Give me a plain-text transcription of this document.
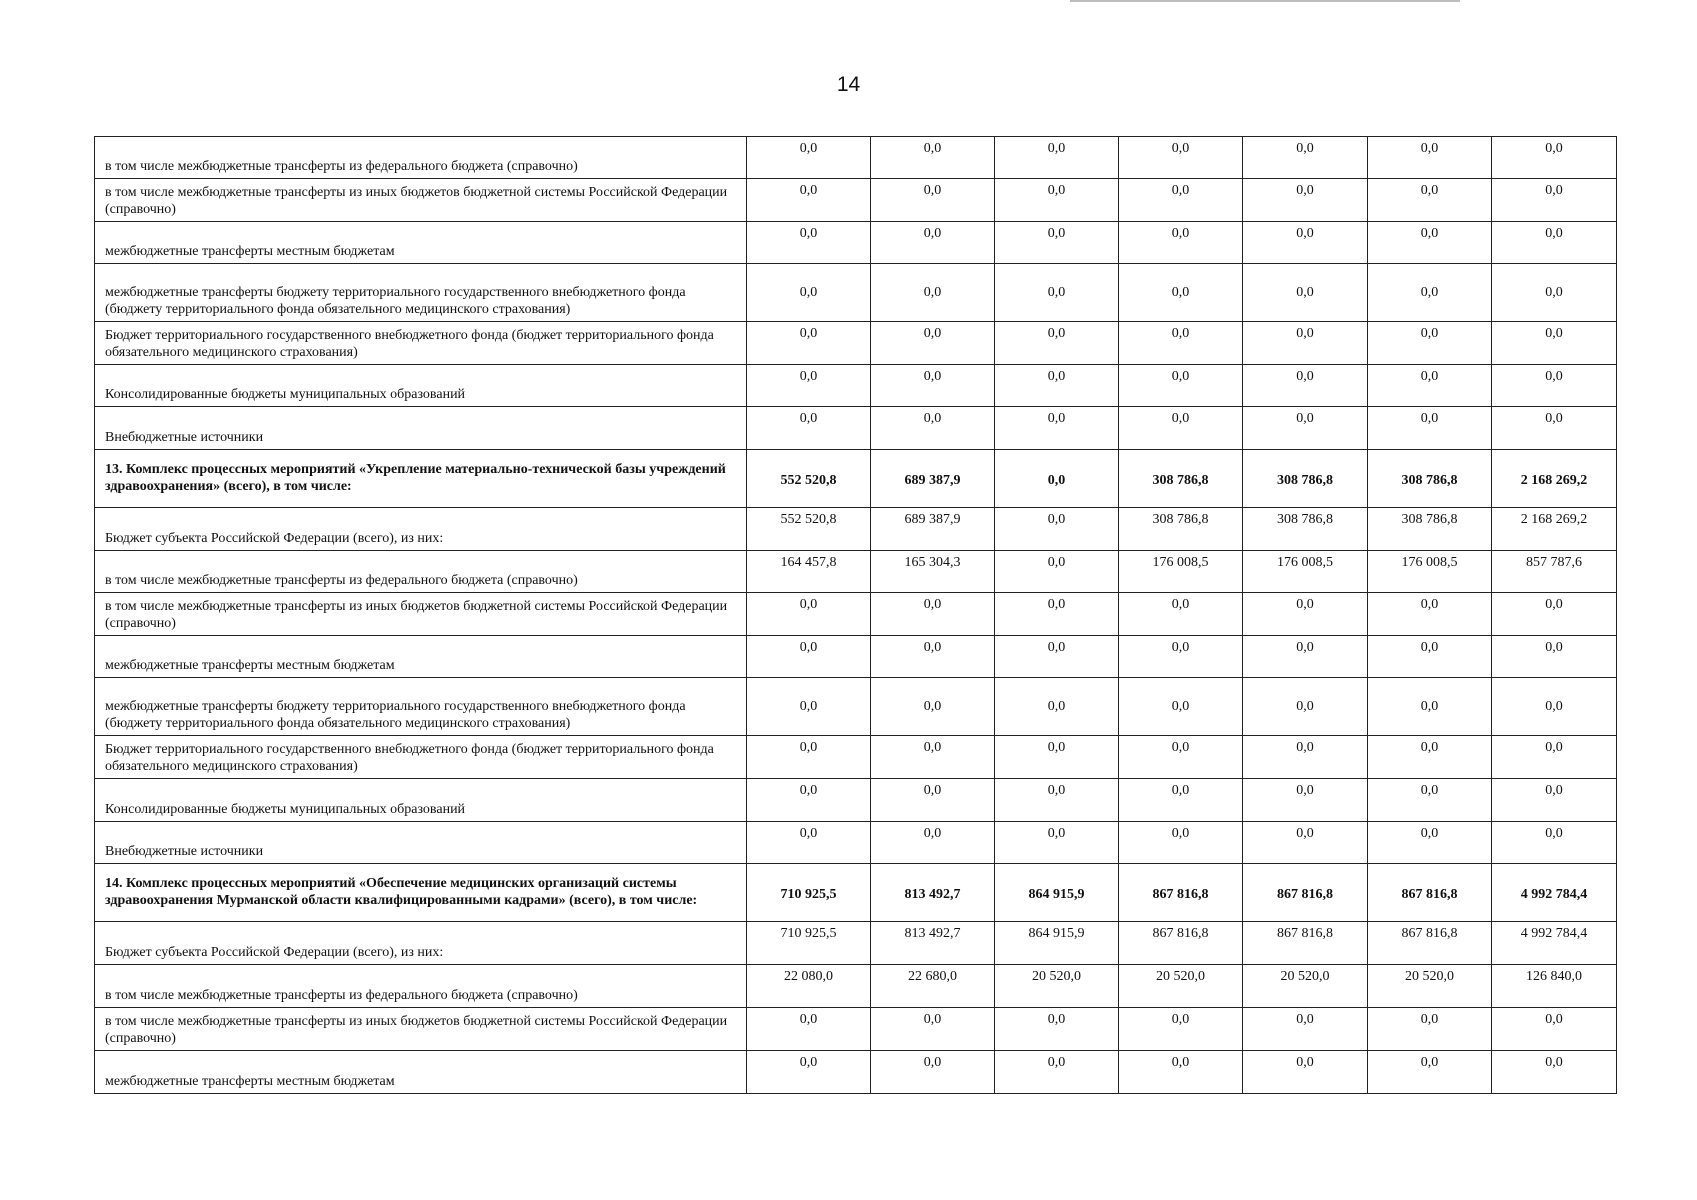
14
в том числе межбюджетные трансферты из федерального бюджета (справочно)	0,0	0,0	0,0	0,0	0,0	0,0	0,0
в том числе межбюджетные трансферты из иных бюджетов бюджетной системы Российской Федерации (справочно)	0,0	0,0	0,0	0,0	0,0	0,0	0,0
межбюджетные трансферты местным бюджетам	0,0	0,0	0,0	0,0	0,0	0,0	0,0
межбюджетные трансферты бюджету территориального государственного внебюджетного фонда (бюджету территориального фонда обязательного медицинского страхования)	0,0	0,0	0,0	0,0	0,0	0,0	0,0
Бюджет территориального государственного внебюджетного фонда (бюджет территориального фонда обязательного медицинского страхования)	0,0	0,0	0,0	0,0	0,0	0,0	0,0
Консолидированные бюджеты муниципальных образований	0,0	0,0	0,0	0,0	0,0	0,0	0,0
Внебюджетные источники	0,0	0,0	0,0	0,0	0,0	0,0	0,0
13. Комплекс процессных мероприятий «Укрепление материально-технической базы учреждений здравоохранения» (всего), в том числе:	552 520,8	689 387,9	0,0	308 786,8	308 786,8	308 786,8	2 168 269,2
Бюджет субъекта Российской Федерации (всего), из них:	552 520,8	689 387,9	0,0	308 786,8	308 786,8	308 786,8	2 168 269,2
в том числе межбюджетные трансферты из федерального бюджета (справочно)	164 457,8	165 304,3	0,0	176 008,5	176 008,5	176 008,5	857 787,6
в том числе межбюджетные трансферты из иных бюджетов бюджетной системы Российской Федерации (справочно)	0,0	0,0	0,0	0,0	0,0	0,0	0,0
межбюджетные трансферты местным бюджетам	0,0	0,0	0,0	0,0	0,0	0,0	0,0
межбюджетные трансферты бюджету территориального государственного внебюджетного фонда (бюджету территориального фонда обязательного медицинского страхования)	0,0	0,0	0,0	0,0	0,0	0,0	0,0
Бюджет территориального государственного внебюджетного фонда (бюджет территориального фонда обязательного медицинского страхования)	0,0	0,0	0,0	0,0	0,0	0,0	0,0
Консолидированные бюджеты муниципальных образований	0,0	0,0	0,0	0,0	0,0	0,0	0,0
Внебюджетные источники	0,0	0,0	0,0	0,0	0,0	0,0	0,0
14. Комплекс процессных мероприятий «Обеспечение медицинских организаций системы здравоохранения Мурманской области квалифицированными кадрами» (всего), в том числе:	710 925,5	813 492,7	864 915,9	867 816,8	867 816,8	867 816,8	4 992 784,4
Бюджет субъекта Российской Федерации (всего), из них:	710 925,5	813 492,7	864 915,9	867 816,8	867 816,8	867 816,8	4 992 784,4
в том числе межбюджетные трансферты из федерального бюджета (справочно)	22 080,0	22 680,0	20 520,0	20 520,0	20 520,0	20 520,0	126 840,0
в том числе межбюджетные трансферты из иных бюджетов бюджетной системы Российской Федерации (справочно)	0,0	0,0	0,0	0,0	0,0	0,0	0,0
межбюджетные трансферты местным бюджетам	0,0	0,0	0,0	0,0	0,0	0,0	0,0
